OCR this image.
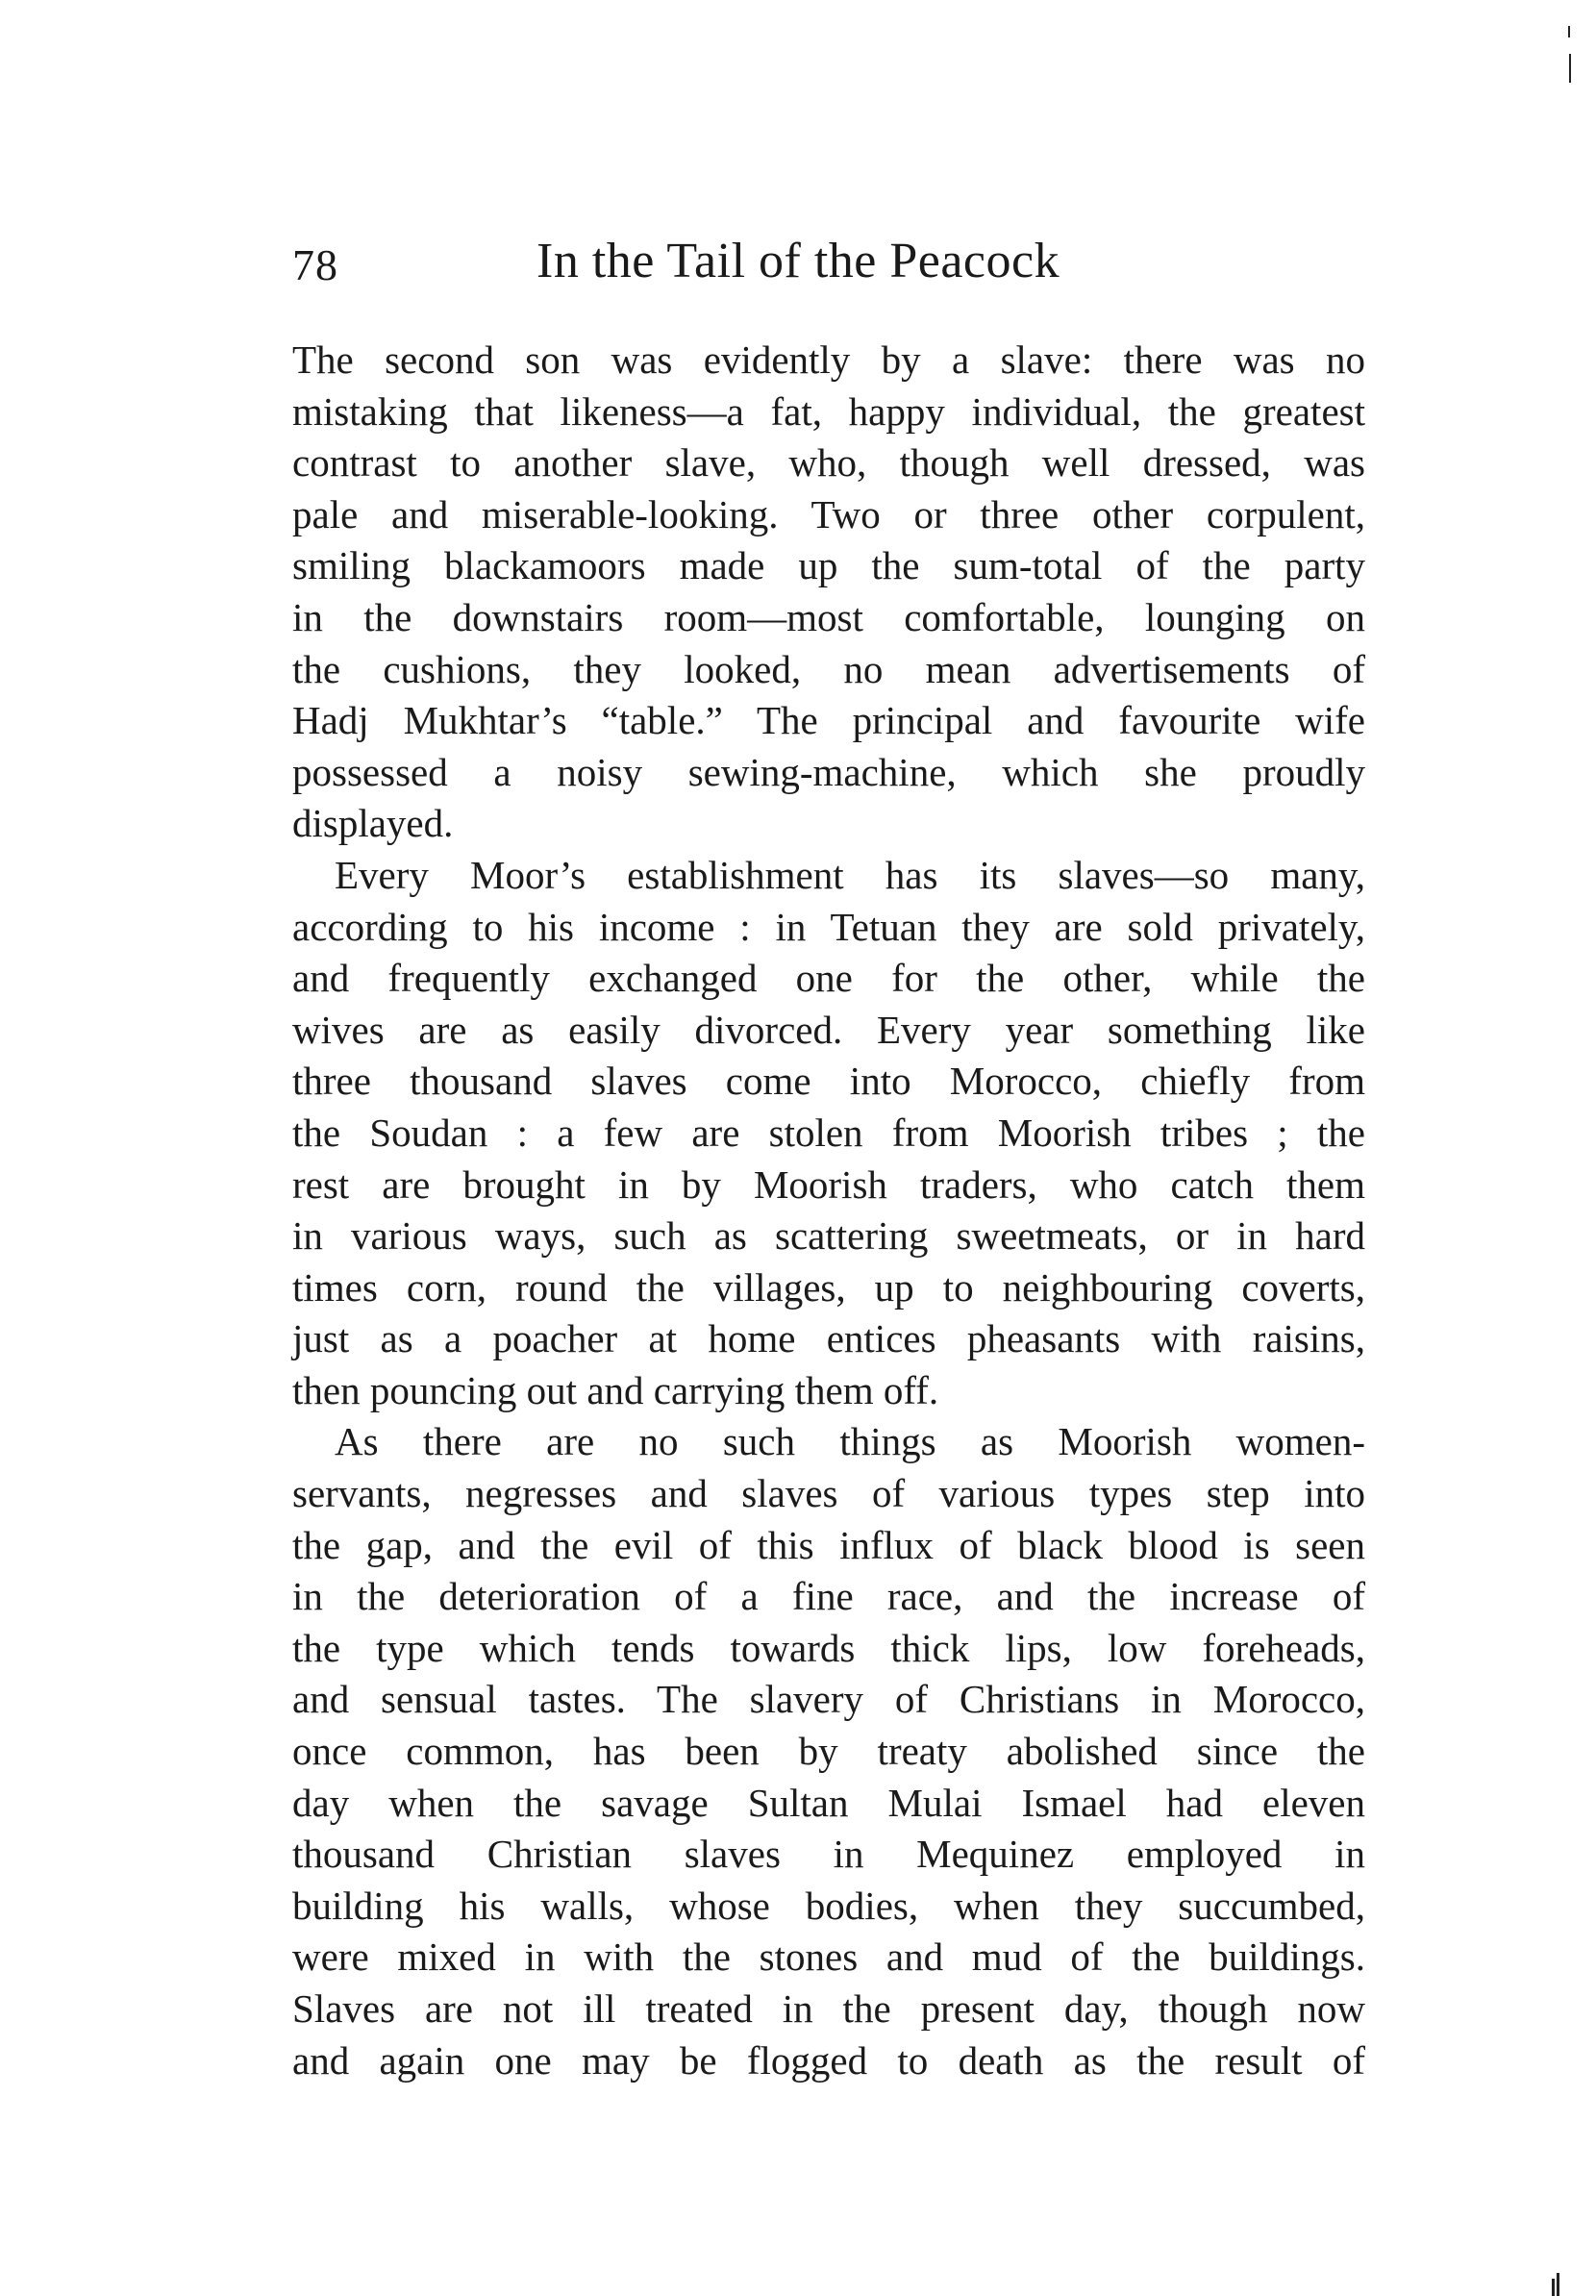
78	In the Tail of the Peacock
The second son was evidently by a slave: there was no
mistaking that likeness—a fat, happy individual, the greatest
contrast to another slave, who, though well dressed, was
pale and miserable-looking. Two or three other corpulent,
smiling blackamoors made up the sum-total of the party
in the downstairs room—most comfortable, lounging on
the cushions, they looked, no mean advertisements of
Hadj Mukhtar’s “table.” The principal and favourite wife
possessed a noisy sewing-machine, which she proudly
displayed.
Every Moor’s establishment has its slaves—so many,
according to his income : in Tetuan they are sold privately,
and frequently exchanged one for the other, while the
wives are as easily divorced. Every year something like
three thousand slaves come into Morocco, chiefly from
the Soudan : a few are stolen from Moorish tribes ; the
rest are brought in by Moorish traders, who catch them
in various ways, such as scattering sweetmeats, or in hard
times corn, round the villages, up to neighbouring coverts,
just as a poacher at home entices pheasants with raisins,
then pouncing out and carrying them off.
As there are no such things as Moorish women-
servants, negresses and slaves of various types step into
the gap, and the evil of this influx of black blood is seen
in the deterioration of a fine race, and the increase of
the type which tends towards thick lips, low foreheads,
and sensual tastes. The slavery of Christians in Morocco,
once common, has been by treaty abolished since the
day when the savage Sultan Mulai Ismael had eleven
thousand Christian slaves in Mequinez employed in
building his walls, whose bodies, when they succumbed,
were mixed in with the stones and mud of the buildings.
Slaves are not ill treated in the present day, though now
and again one may be flogged to death as the result of
